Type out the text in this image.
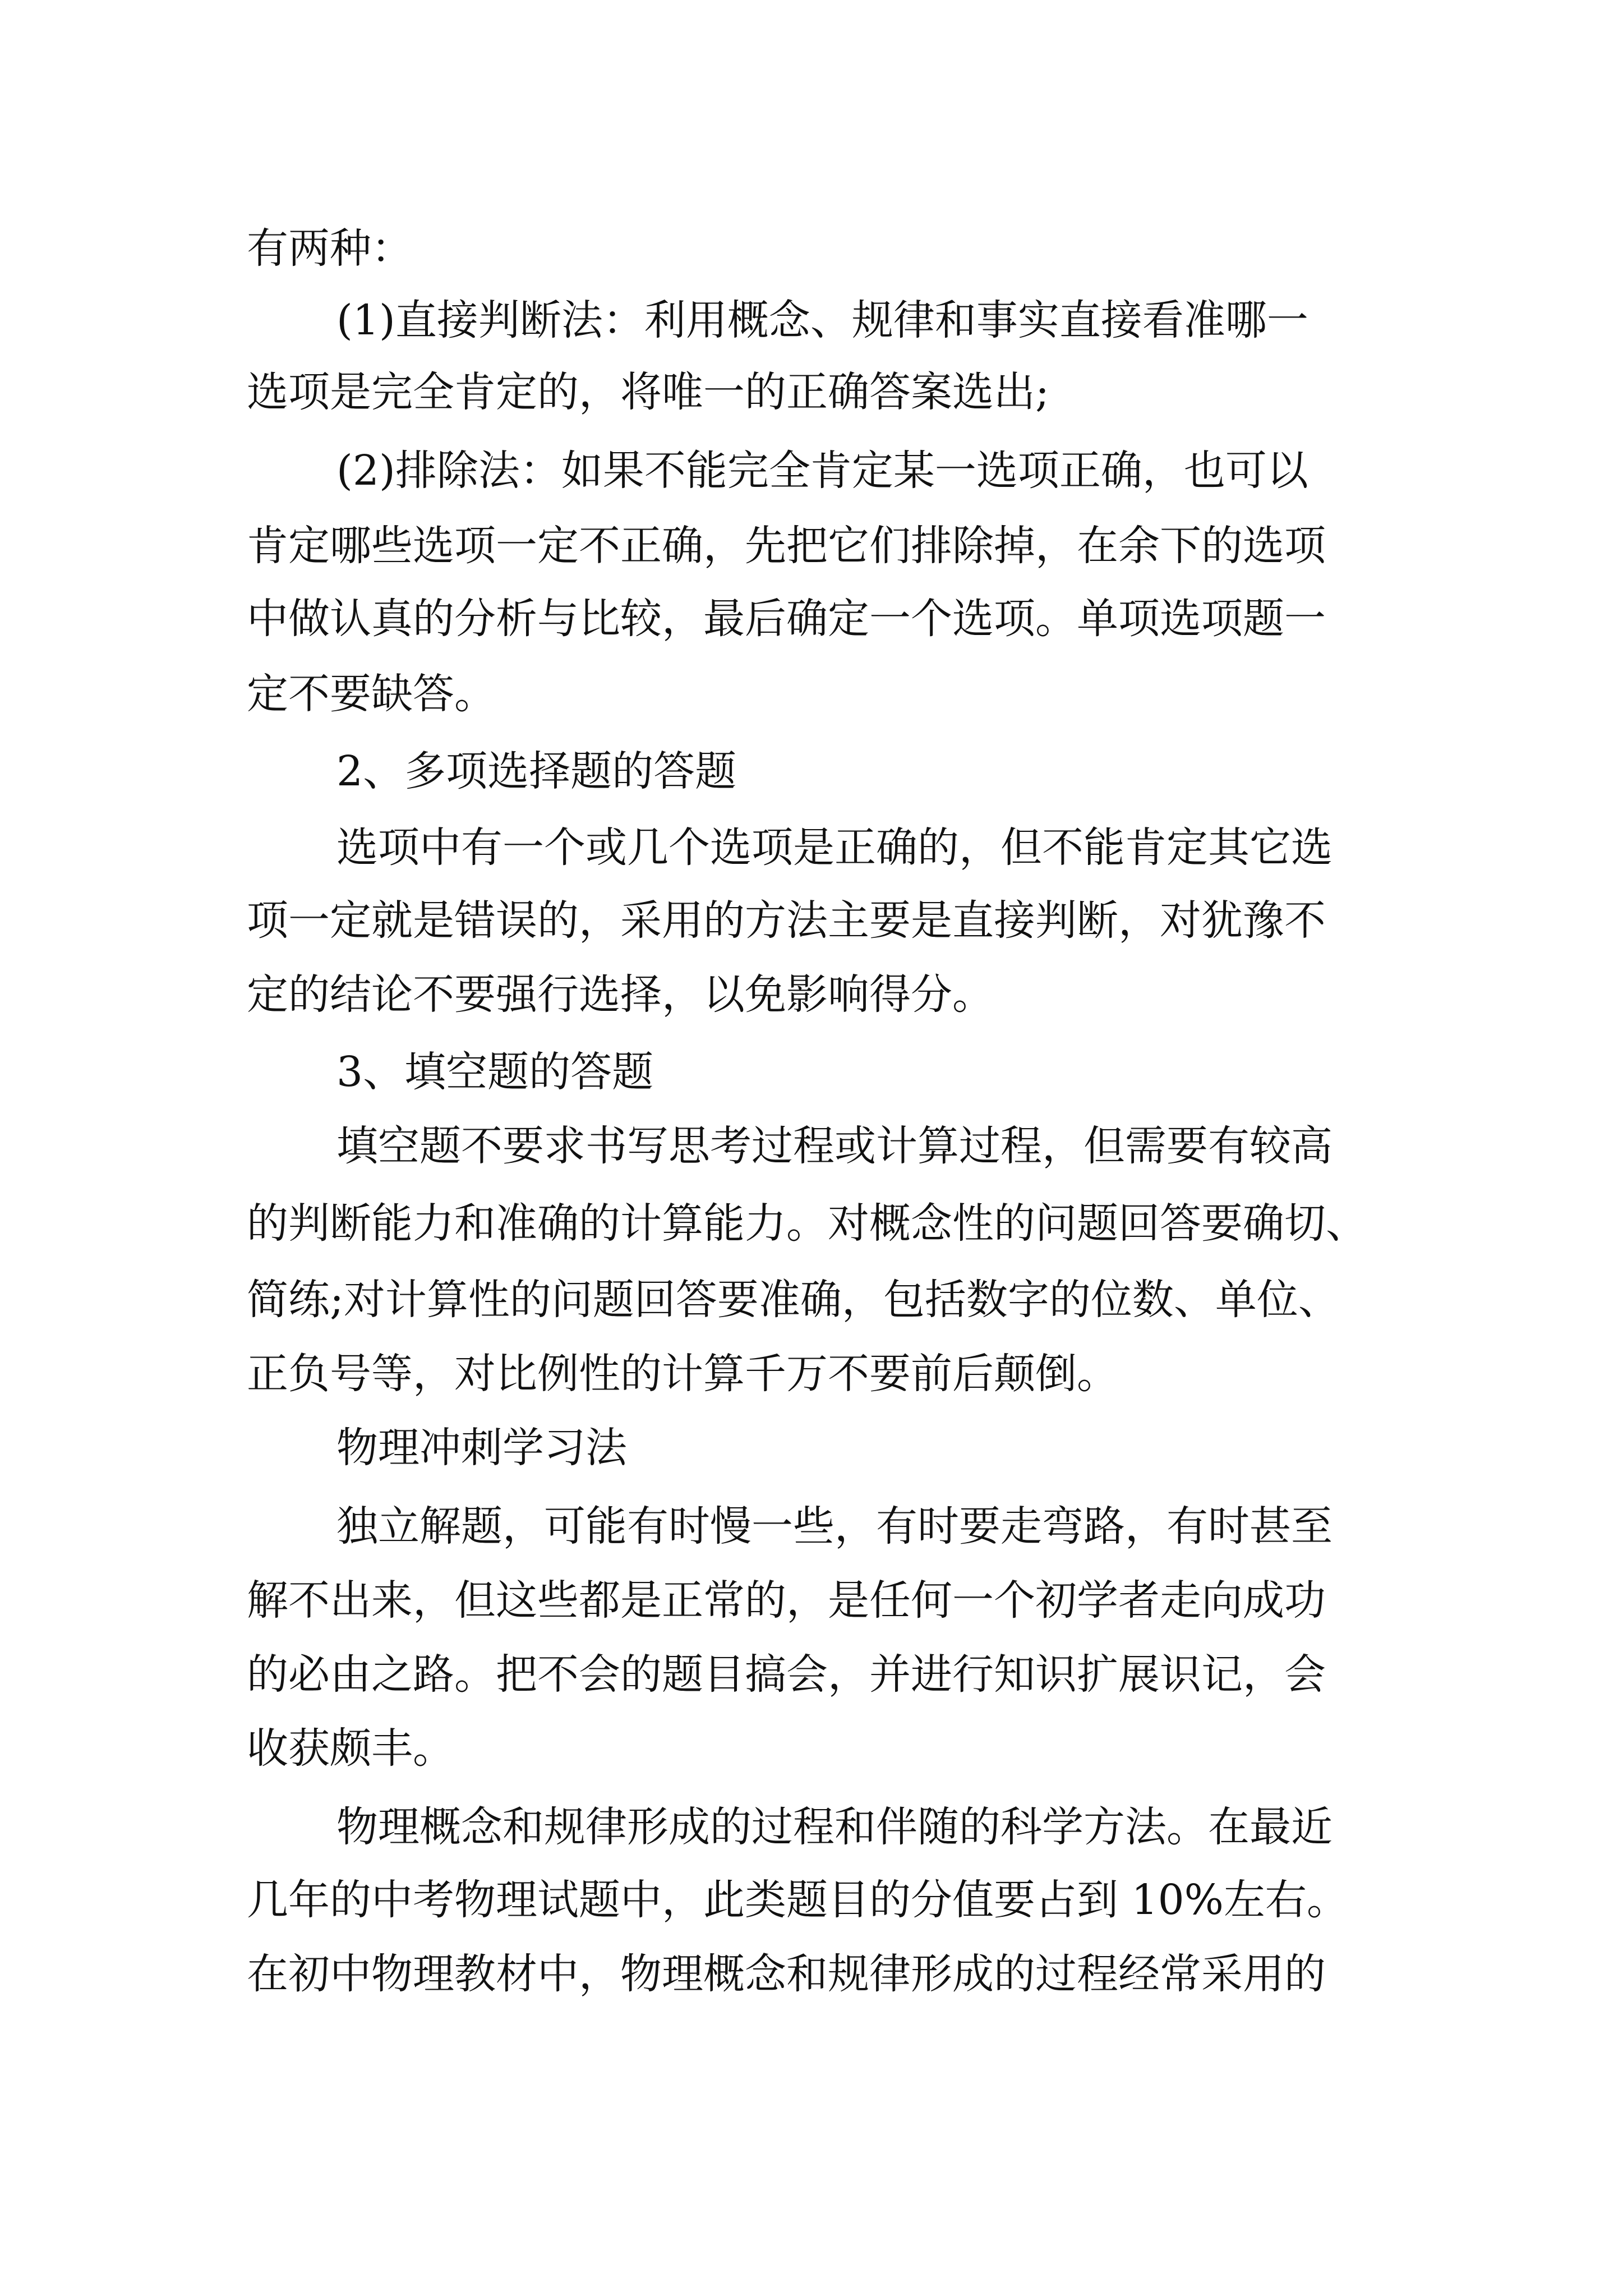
有两种：

(1)直接判断法：利用概念、规律和事实直接看准哪一

选项是完全肯定的，将唯一的正确答案选出;

(2)排除法：如果不能完全肯定某一选项正确，也可以

肯定哪些选项一定不正确，先把它们排除掉，在余下的选项

中做认真的分析与比较，最后确定一个选项。单项选项题一

定不要缺答。

2、多项选择题的答题

选项中有一个或几个选项是正确的，但不能肯定其它选

项一定就是错误的，采用的方法主要是直接判断，对犹豫不

定的结论不要强行选择，以免影响得分。

3、填空题的答题

填空题不要求书写思考过程或计算过程，但需要有较高

的判断能力和准确的计算能力。对概念性的问题回答要确切、

简练;对计算性的问题回答要准确，包括数字的位数、单位、

正负号等，对比例性的计算千万不要前后颠倒。

物理冲刺学习法

独立解题，可能有时慢一些，有时要走弯路，有时甚至

解不出来，但这些都是正常的，是任何一个初学者走向成功

的必由之路。把不会的题目搞会，并进行知识扩展识记，会

收获颇丰。

物理概念和规律形成的过程和伴随的科学方法。在最近

几年的中考物理试题中，此类题目的分值要占到 10%左右。

在初中物理教材中，物理概念和规律形成的过程经常采用的
